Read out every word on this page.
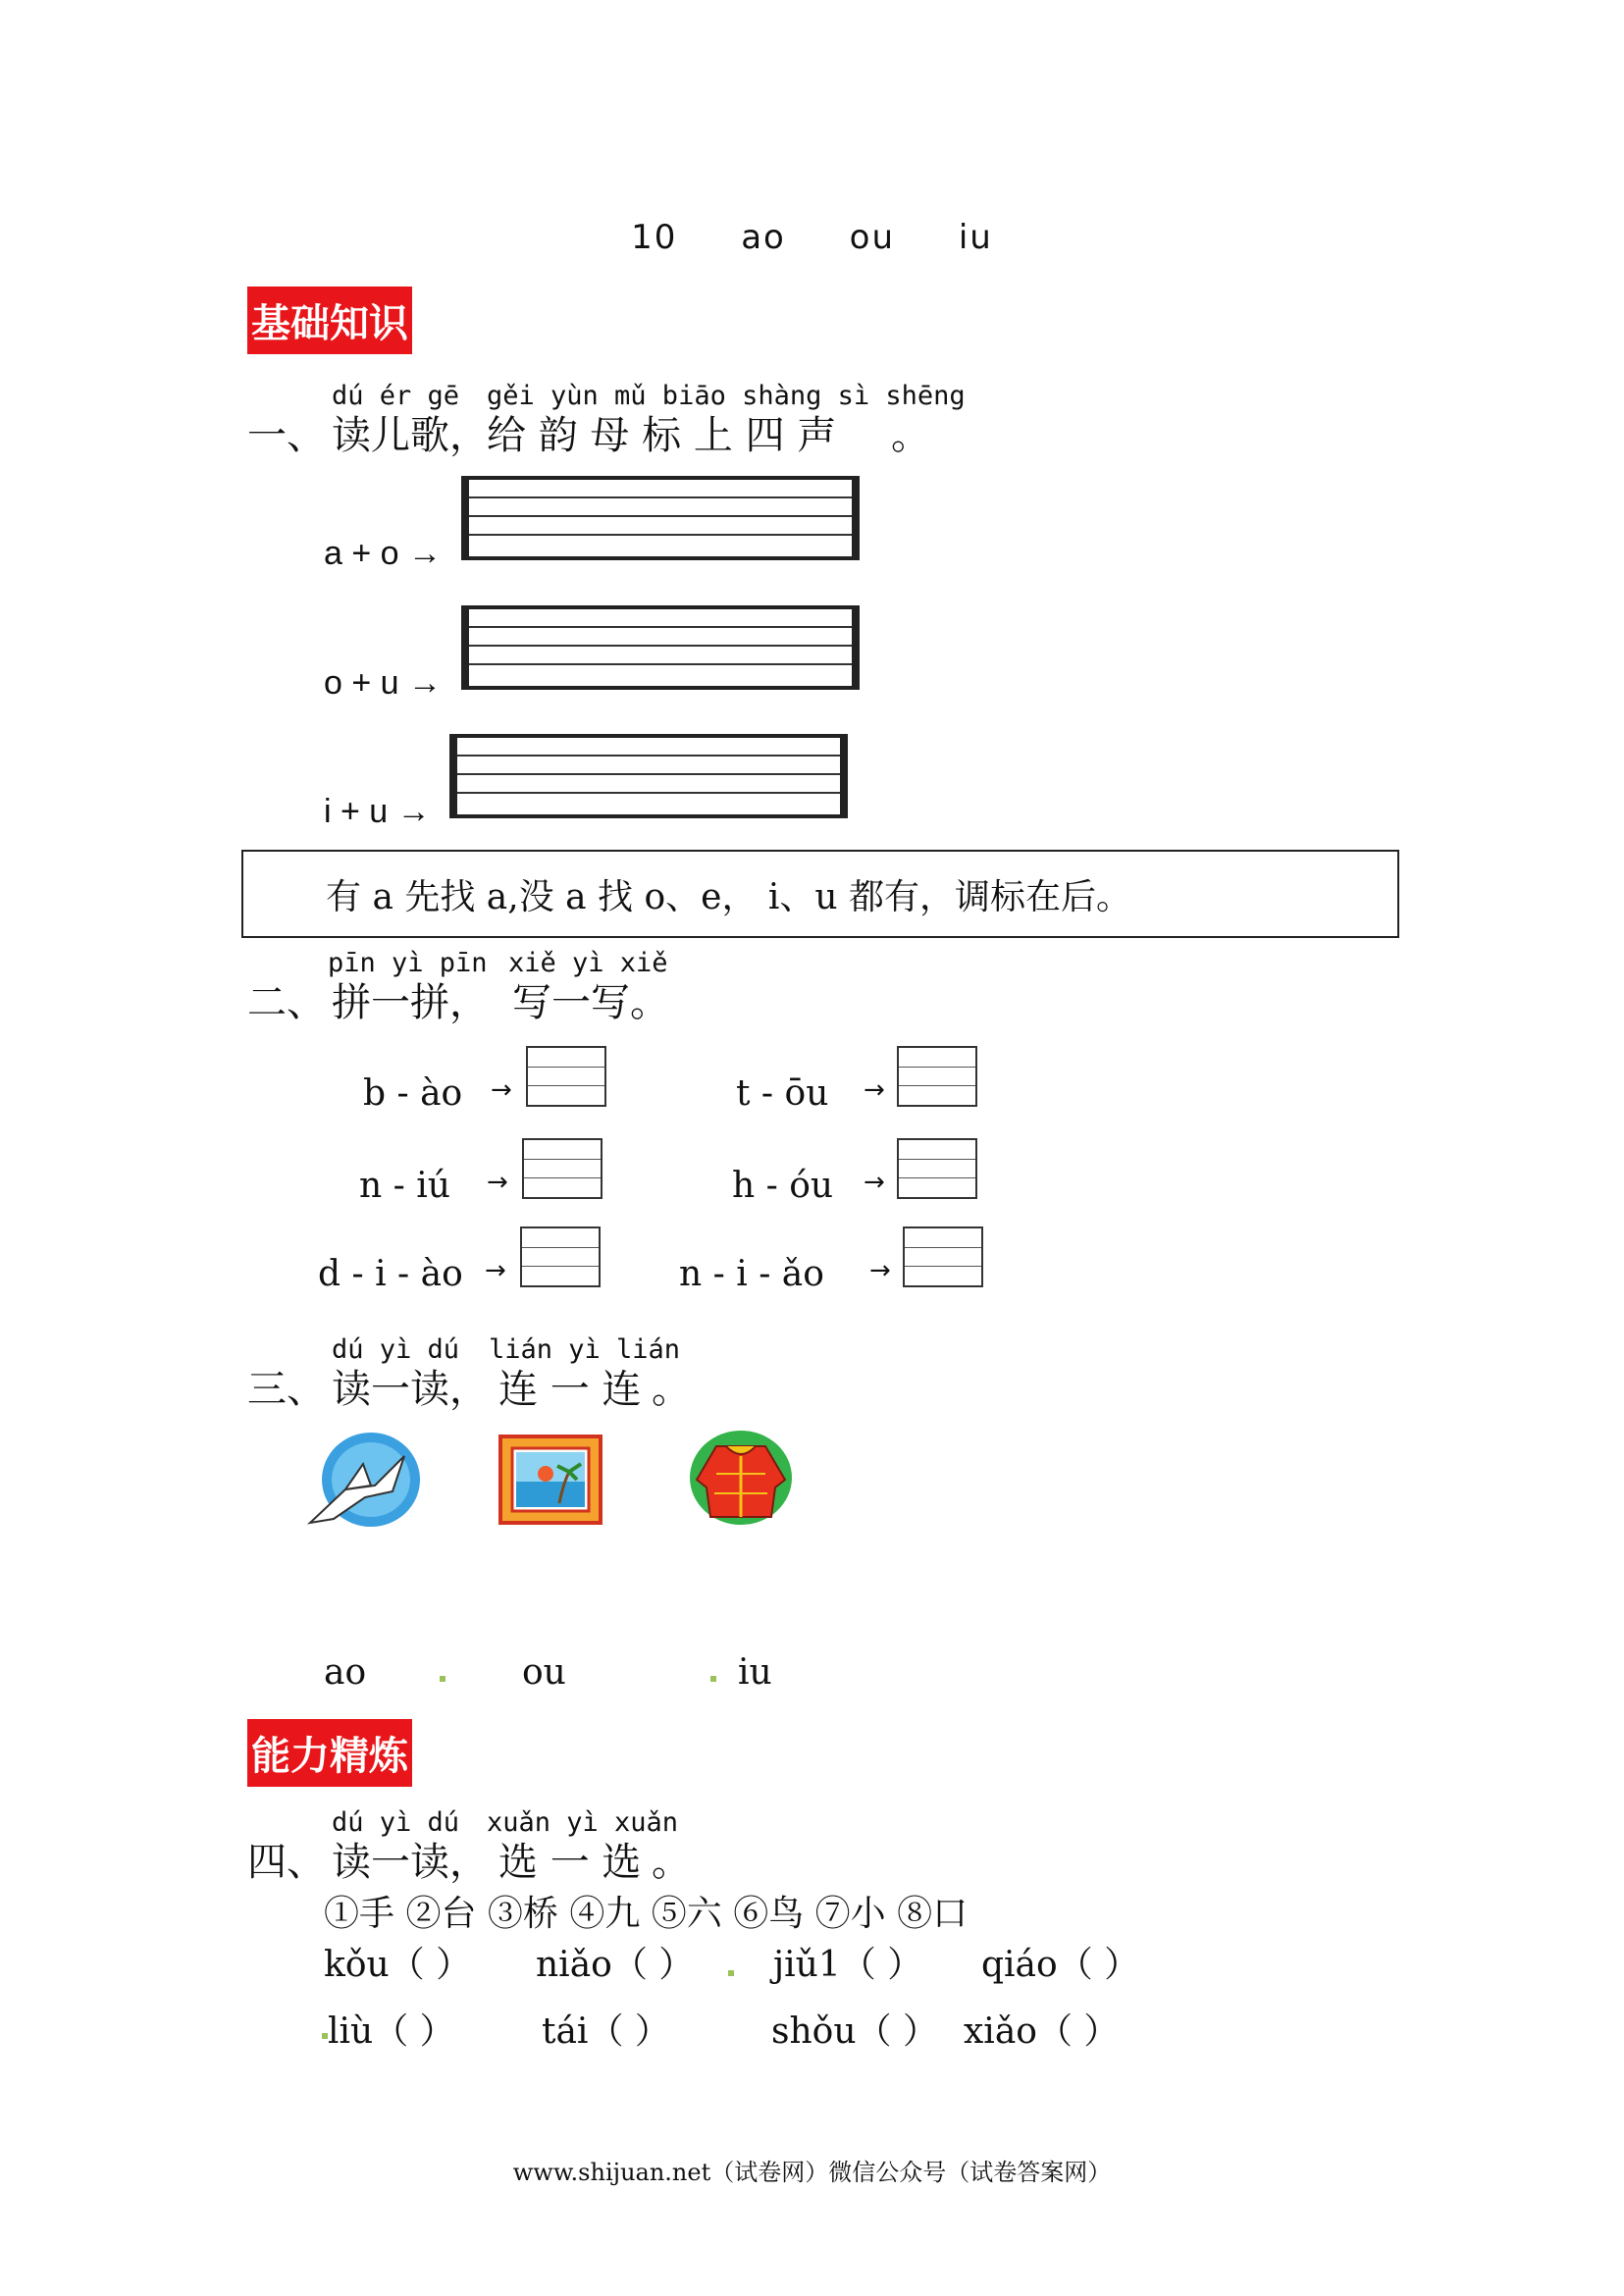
10 ao ou iu
基础知识
dú ér gē gěi yùn mǔ biāo shàng sì shēng
一、 读儿歌，
给 韵 母 标 上 四 声 。
a + o →
o + u →
i + u →
有 a 先找 a,没 a 找 o、e， i、u 都有，调标在后。
pīn yì pīn xiě yì xiě
二、 拼一拼， 写一写。
b - ào →	t - ōu →
n - iú →	h - óu →
d - i - ào →	n - i - ǎo →
dú yì dú lián yì lián
三、 读一读， 连 一 连 。
ao	ou	iu
能力精炼
dú yì dú xuǎn yì xuǎn
四、 读一读， 选 一 选 。
①手 ②台 ③桥 ④九 ⑤六 ⑥鸟 ⑦小 ⑧口
kǒu（ ） niǎo（ ） jiǔ1（ ） qiáo（ ）
liù（ ） tái（ ）	shǒu（ ） xiǎo（ ）
www.shijuan.net（试卷网）微信公众号（试卷答案网）
